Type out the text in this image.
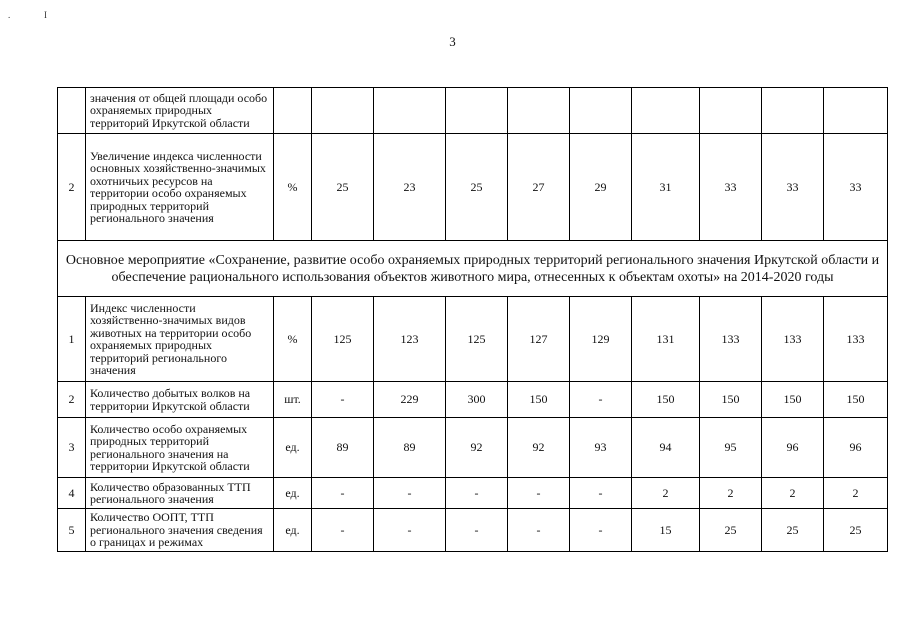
.	I
3
	значения от общей площади особо охраняемых природных территорий Иркутской области										
2	Увеличение индекса численности основных хозяйственно-значимых охотничьих ресурсов на территории особо охраняемых природных территорий регионального значения	%	25	23	25	27	29	31	33	33	33
Основное мероприятие «Сохранение, развитие особо охраняемых природных территорий регионального значения Иркутской области и обеспечение рационального использования объектов животного мира, отнесенных к объектам охоты» на 2014-2020 годы											
1	Индекс численности хозяйственно-значимых видов животных на территории особо охраняемых природных территорий регионального значения	%	125	123	125	127	129	131	133	133	133
2	Количество добытых волков на территории Иркутской области	шт.	-	229	300	150	-	150	150	150	150
3	Количество особо охраняемых природных территорий регионального значения на территории Иркутской области	ед.	89	89	92	92	93	94	95	96	96
4	Количество образованных ТТП регионального значения	ед.	-	-	-	-	-	2	2	2	2
5	Количество ООПТ, ТТП регионального значения сведения о границах и режимах	ед.	-	-	-	-	-	15	25	25	25
